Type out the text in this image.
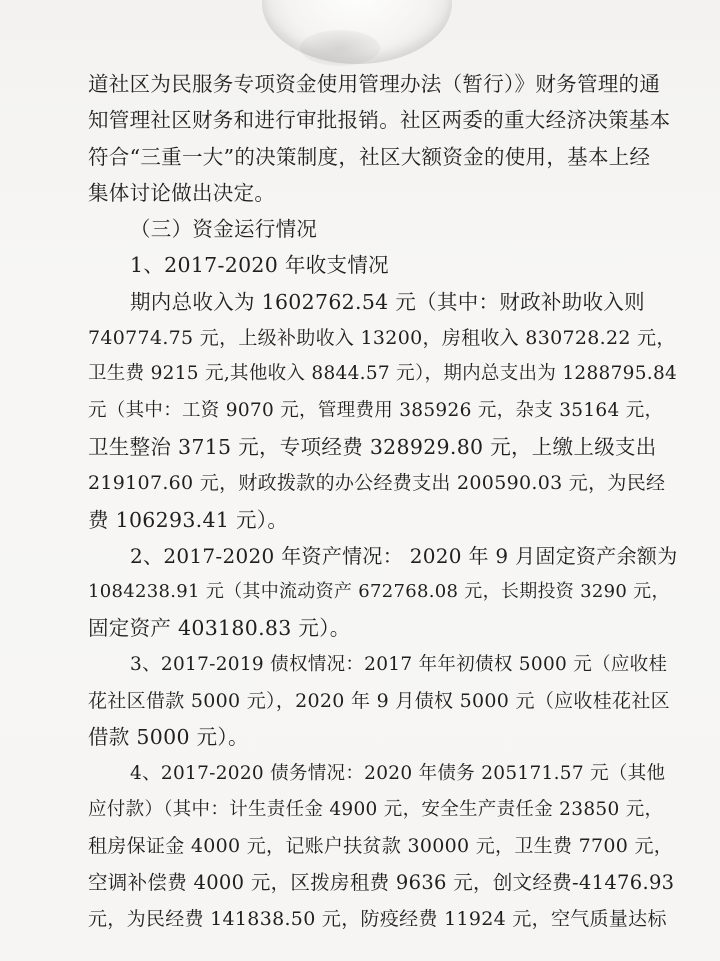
道社区为民服务专项资金使用管理办法（暂行）》财务管理的通
知管理社区财务和进行审批报销。社区两委的重大经济决策基本
符合“三重一大”的决策制度，社区大额资金的使用，基本上经
集体讨论做出决定。
（三）资金运行情况
1、2017-2020 年收支情况
期内总收入为 1602762.54 元（其中：财政补助收入则
740774.75 元，上级补助收入 13200，房租收入 830728.22 元，
卫生费 9215 元,其他收入 8844.57 元），期内总支出为 1288795.84
元（其中：工资 9070 元，管理费用 385926 元，杂支 35164 元，
卫生整治 3715 元，专项经费 328929.80 元，上缴上级支出
219107.60 元，财政拨款的办公经费支出 200590.03 元，为民经
费 106293.41 元）。
2、2017-2020 年资产情况： 2020 年 9 月固定资产余额为
1084238.91 元（其中流动资产 672768.08 元，长期投资 3290 元，
固定资产 403180.83 元）。
3、2017-2019 债权情况：2017 年年初债权 5000 元（应收桂
花社区借款 5000 元），2020 年 9 月债权 5000 元（应收桂花社区
借款 5000 元）。
4、2017-2020 债务情况：2020 年债务 205171.57 元（其他
应付款）（其中：计生责任金 4900 元，安全生产责任金 23850 元，
租房保证金 4000 元，记账户扶贫款 30000 元，卫生费 7700 元，
空调补偿费 4000 元，区拨房租费 9636 元，创文经费-41476.93
元，为民经费 141838.50 元，防疫经费 11924 元，空气质量达标
